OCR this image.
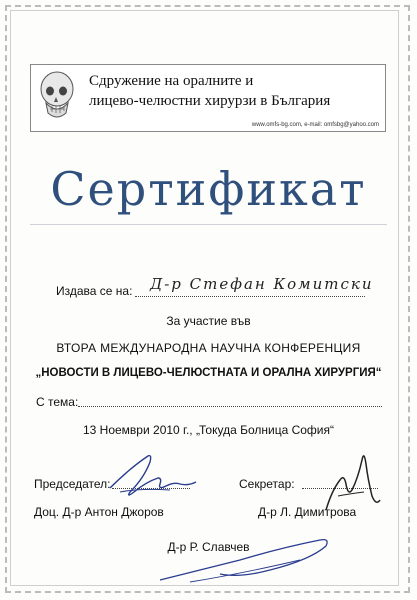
Сдружение на оралните и
лицево-челюстни хирурзи в България
www.omfs-bg.com, e-mail: omfsbg@yahoo.com
Сертификат
Издава се на: Д-р Стефан Комитски
За участие във
ВТОРА МЕЖДУНАРОДНА НАУЧНА КОНФЕРЕНЦИЯ
„НОВОСТИ В ЛИЦЕВО-ЧЕЛЮСТНАТА И ОРАЛНА ХИРУРГИЯ“
С тема:
13 Ноември 2010 г., „Токуда Болница София“
Председател:	Секретар:
Доц. Д-р Антон Джоров	Д-р Л. Димитрова
Д-р Р. Славчев
